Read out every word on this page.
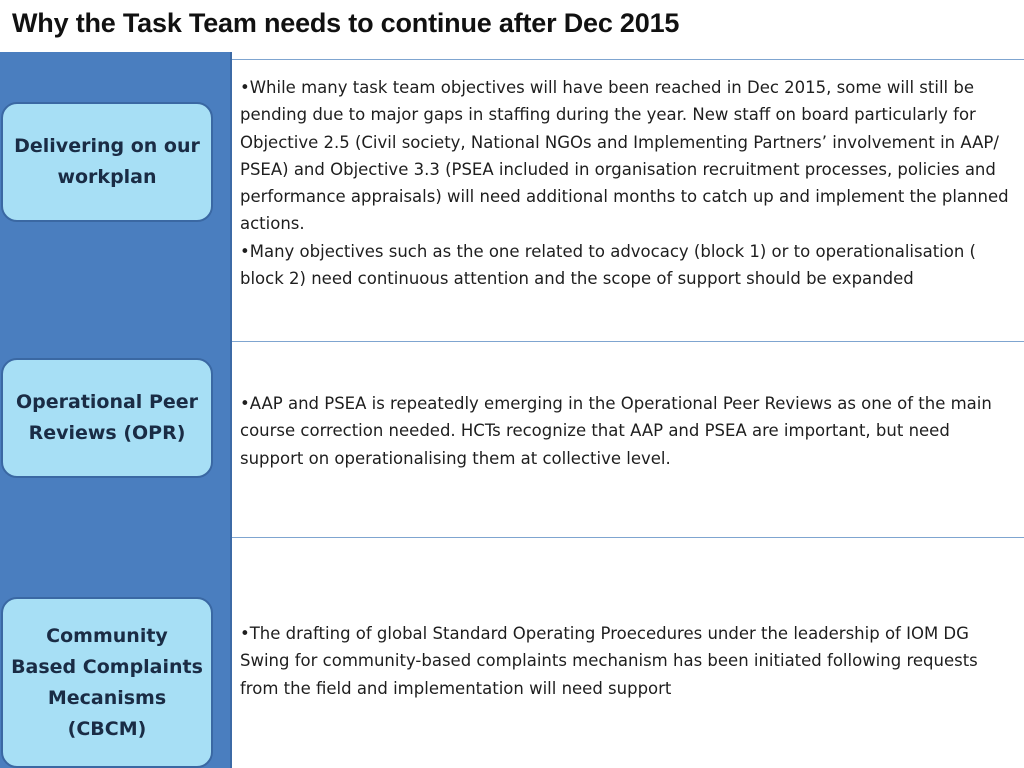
Why the Task Team needs to continue after Dec 2015
Delivering on our workplan
Operational Peer Reviews (OPR)
Community Based Complaints Mecanisms (CBCM)

•While many task team objectives will have been reached in Dec 2015, some will still be pending due to major gaps in staffing during the year. New staff on board particularly for Objective 2.5 (Civil society, National NGOs and Implementing Partners’ involvement in AAP/ PSEA) and Objective 3.3 (PSEA included in organisation recruitment processes, policies and performance appraisals) will need additional months to catch up and implement the planned actions.

•Many objectives such as the one related to advocacy (block 1) or to operationalisation ( block 2) need continuous attention and the scope of support should be expanded

•AAP and PSEA is repeatedly emerging in the Operational Peer Reviews as one of the main course correction needed. HCTs recognize that AAP and PSEA are important, but need support on operationalising them at collective level.

•The drafting of global Standard Operating Proecedures under the leadership of IOM DG Swing for community-based complaints mechanism has been initiated following requests from the field and implementation will need support
